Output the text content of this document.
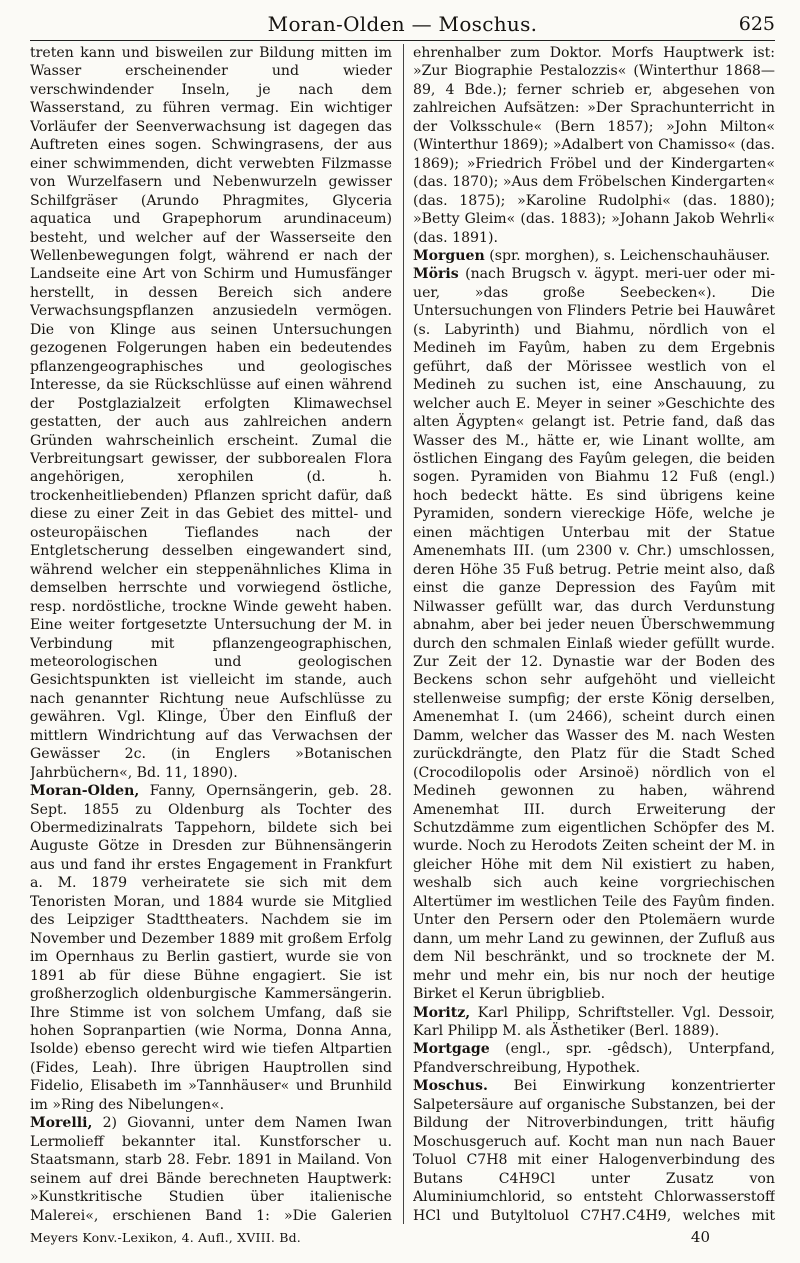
Moran-Olden — Moschus.	625

treten kann und bisweilen zur Bildung mitten im Wasser erscheinender und wieder verschwindender Inseln, je nach dem Wasserstand, zu führen vermag. Ein wichtiger Vorläufer der Seenverwachsung ist dagegen das Auftreten eines sogen. Schwingrasens, der aus einer schwimmenden, dicht verwebten Filzmasse von Wurzelfasern und Nebenwurzeln gewisser Schilfgräser (Arundo Phragmites, Glyceria aquatica und Grapephorum arundinaceum) besteht, und welcher auf der Wasserseite den Wellenbewegungen folgt, während er nach der Landseite eine Art von Schirm und Humusfänger herstellt, in dessen Bereich sich andere Verwachsungspflanzen anzusiedeln vermögen. Die von Klinge aus seinen Untersuchungen gezogenen Folgerungen haben ein bedeutendes pflanzengeographisches und geologisches Interesse, da sie Rückschlüsse auf einen während der Postglazialzeit erfolgten Klimawechsel gestatten, der auch aus zahlreichen andern Gründen wahrscheinlich erscheint. Zumal die Verbreitungsart gewisser, der subborealen Flora angehörigen, xerophilen (d. h. trockenheitliebenden) Pflanzen spricht dafür, daß diese zu einer Zeit in das Gebiet des mittel- und osteuropäischen Tieflandes nach der Entgletscherung desselben eingewandert sind, während welcher ein steppenähnliches Klima in demselben herrschte und vorwiegend östliche, resp. nordöstliche, trockne Winde geweht haben. Eine weiter fortgesetzte Untersuchung der M. in Verbindung mit pflanzengeographischen, meteorologischen und geologischen Gesichtspunkten ist vielleicht im stande, auch nach genannter Richtung neue Aufschlüsse zu gewähren. Vgl. Klinge, Über den Einfluß der mittlern Windrichtung auf das Verwachsen der Gewässer 2c. (in Englers »Botanischen Jahrbüchern«, Bd. 11, 1890).

Moran-Olden, Fanny, Opernsängerin, geb. 28. Sept. 1855 zu Oldenburg als Tochter des Obermedizinalrats Tappehorn, bildete sich bei Auguste Götze in Dresden zur Bühnensängerin aus und fand ihr erstes Engagement in Frankfurt a. M. 1879 verheiratete sie sich mit dem Tenoristen Moran, und 1884 wurde sie Mitglied des Leipziger Stadttheaters. Nachdem sie im November und Dezember 1889 mit großem Erfolg im Opernhaus zu Berlin gastiert, wurde sie von 1891 ab für diese Bühne engagiert. Sie ist großherzoglich oldenburgische Kammersängerin. Ihre Stimme ist von solchem Umfang, daß sie hohen Sopranpartien (wie Norma, Donna Anna, Isolde) ebenso gerecht wird wie tiefen Altpartien (Fides, Leah). Ihre übrigen Hauptrollen sind Fidelio, Elisabeth im »Tannhäuser« und Brunhild im »Ring des Nibelungen«.

Morelli, 2) Giovanni, unter dem Namen Iwan Lermolieff bekannter ital. Kunstforscher u. Staatsmann, starb 28. Febr. 1891 in Mailand. Von seinem auf drei Bände berechneten Hauptwerk: »Kunstkritische Studien über italienische Malerei«, erschienen Band 1: »Die Galerien

ehrenhalber zum Doktor. Morfs Hauptwerk ist: »Zur Biographie Pestalozzis« (Winterthur 1868—89, 4 Bde.); ferner schrieb er, abgesehen von zahlreichen Aufsätzen: »Der Sprachunterricht in der Volksschule« (Bern 1857); »John Milton« (Winterthur 1869); »Adalbert von Chamisso« (das. 1869); »Friedrich Fröbel und der Kindergarten« (das. 1870); »Aus dem Fröbelschen Kindergarten« (das. 1875); »Karoline Rudolphi« (das. 1880); »Betty Gleim« (das. 1883); »Johann Jakob Wehrli« (das. 1891).

Morguen (spr. morghen), s. Leichenschauhäuser.

Möris (nach Brugsch v. ägypt. meri-uer oder mi-uer, »das große Seebecken«). Die Untersuchungen von Flinders Petrie bei Hauwâret (s. Labyrinth) und Biahmu, nördlich von el Medineh im Fayûm, haben zu dem Ergebnis geführt, daß der Mörissee westlich von el Medineh zu suchen ist, eine Anschauung, zu welcher auch E. Meyer in seiner »Geschichte des alten Ägypten« gelangt ist. Petrie fand, daß das Wasser des M., hätte er, wie Linant wollte, am östlichen Eingang des Fayûm gelegen, die beiden sogen. Pyramiden von Biahmu 12 Fuß (engl.) hoch bedeckt hätte. Es sind übrigens keine Pyramiden, sondern viereckige Höfe, welche je einen mächtigen Unterbau mit der Statue Amenemhats III. (um 2300 v. Chr.) umschlossen, deren Höhe 35 Fuß betrug. Petrie meint also, daß einst die ganze Depression des Fayûm mit Nilwasser gefüllt war, das durch Verdunstung abnahm, aber bei jeder neuen Überschwemmung durch den schmalen Einlaß wieder gefüllt wurde. Zur Zeit der 12. Dynastie war der Boden des Beckens schon sehr aufgehöht und vielleicht stellenweise sumpfig; der erste König derselben, Amenemhat I. (um 2466), scheint durch einen Damm, welcher das Wasser des M. nach Westen zurückdrängte, den Platz für die Stadt Sched (Crocodilopolis oder Arsinoë) nördlich von el Medineh gewonnen zu haben, während Amenemhat III. durch Erweiterung der Schutzdämme zum eigentlichen Schöpfer des M. wurde. Noch zu Herodots Zeiten scheint der M. in gleicher Höhe mit dem Nil existiert zu haben, weshalb sich auch keine vorgriechischen Altertümer im westlichen Teile des Fayûm finden. Unter den Persern oder den Ptolemäern wurde dann, um mehr Land zu gewinnen, der Zufluß aus dem Nil beschränkt, und so trocknete der M. mehr und mehr ein, bis nur noch der heutige Birket el Kerun übrigblieb.

Moritz, Karl Philipp, Schriftsteller. Vgl. Dessoir, Karl Philipp M. als Ästhetiker (Berl. 1889).

Mortgage (engl., spr. -gêdsch), Unterpfand, Pfandverschreibung, Hypothek.

Moschus. Bei Einwirkung konzentrierter Salpetersäure auf organische Substanzen, bei der Bildung der Nitroverbindungen, tritt häufig Moschusgeruch auf. Kocht man nun nach Bauer Toluol C7H8 mit einer Halogenverbindung des Butans C4H9Cl unter Zusatz von Aluminiumchlorid, so entsteht Chlorwasserstoff HCl und Butyltoluol C7H7.C4H9, welches mit

Meyers Konv.-Lexikon, 4. Aufl., XVIII. Bd.	40
